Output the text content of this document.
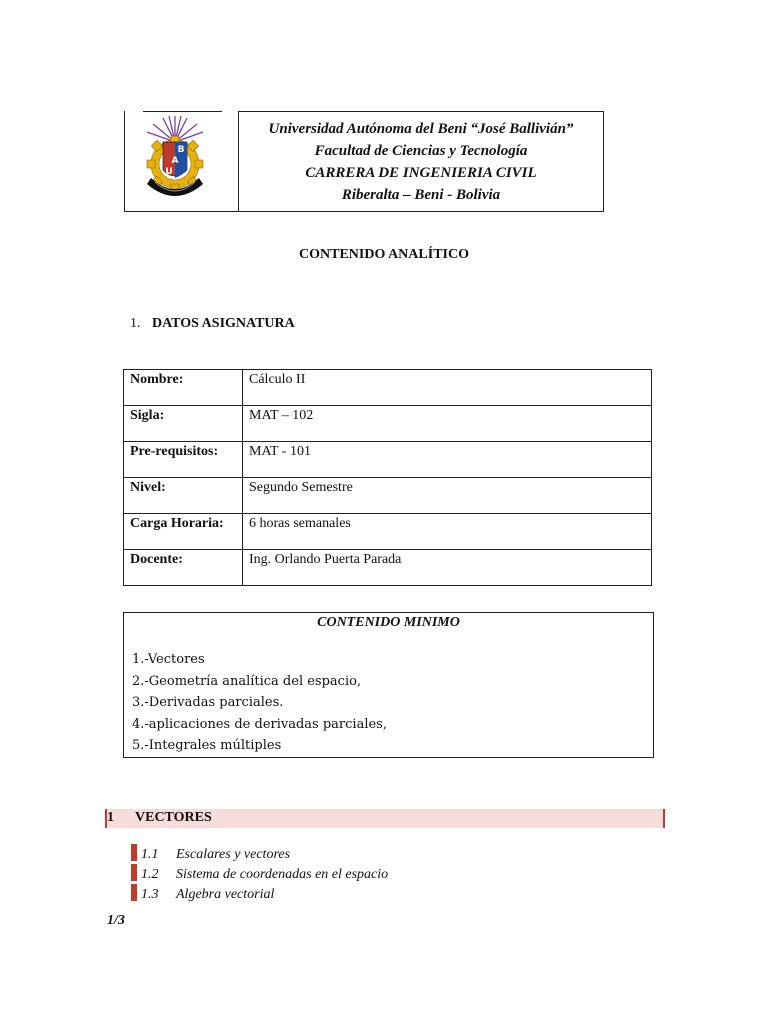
B
A
U
Universidad Autónoma del Beni “José Ballivián”
Facultad de Ciencias y Tecnología
CARRERA DE INGENIERIA CIVIL
Riberalta – Beni - Bolivia
CONTENIDO ANALÍTICO
1. DATOS ASIGNATURA
Nombre:	Cálculo II
Sigla:	MAT – 102
Pre-requisitos:	MAT - 101
Nivel:	Segundo Semestre
Carga Horaria:	6 horas semanales
Docente:	Ing. Orlando Puerta Parada
CONTENIDO MINIMO
1.-Vectores
2.-Geometría analítica del espacio,
3.-Derivadas parciales.
4.-aplicaciones de derivadas parciales,
5.-Integrales múltiples
1 VECTORES
1.1 Escalares y vectores
1.2 Sistema de coordenadas en el espacio
1.3 Algebra vectorial
1/3
